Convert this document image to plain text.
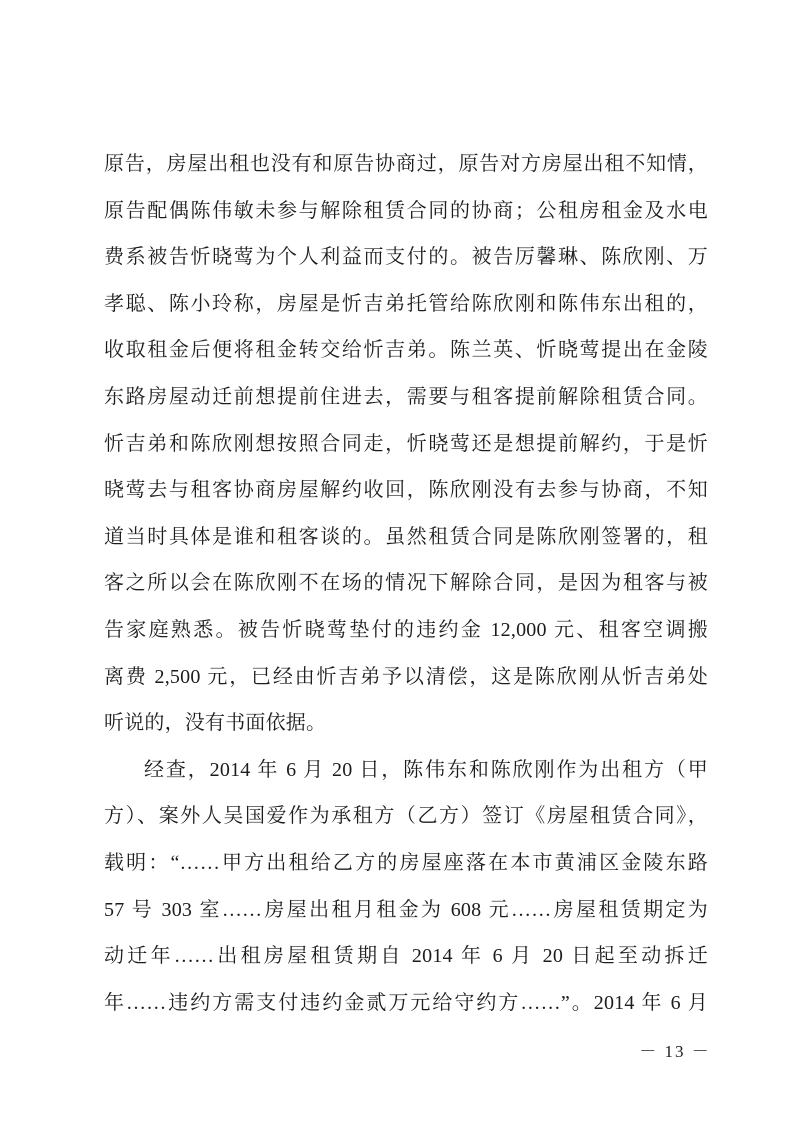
原告，房屋出租也没有和原告协商过，原告对方房屋出租不知情，
原告配偶陈伟敏未参与解除租赁合同的协商；公租房租金及水电
费系被告忻晓莺为个人利益而支付的。被告厉馨琳、陈欣刚、万
孝聪、陈小玲称，房屋是忻吉弟托管给陈欣刚和陈伟东出租的，
收取租金后便将租金转交给忻吉弟。陈兰英、忻晓莺提出在金陵
东路房屋动迁前想提前住进去，需要与租客提前解除租赁合同。
忻吉弟和陈欣刚想按照合同走，忻晓莺还是想提前解约，于是忻
晓莺去与租客协商房屋解约收回，陈欣刚没有去参与协商，不知
道当时具体是谁和租客谈的。虽然租赁合同是陈欣刚签署的，租
客之所以会在陈欣刚不在场的情况下解除合同，是因为租客与被
告家庭熟悉。被告忻晓莺垫付的违约金 12,000 元、租客空调搬
离费 2,500 元，已经由忻吉弟予以清偿，这是陈欣刚从忻吉弟处
听说的，没有书面依据。
经查，2014 年 6 月 20 日，陈伟东和陈欣刚作为出租方（甲
方）、案外人吴国爱作为承租方（乙方）签订《房屋租赁合同》，
载明：“……甲方出租给乙方的房屋座落在本市黄浦区金陵东路
57 号 303 室……房屋出租月租金为 608 元……房屋租赁期定为
动迁年……出租房屋租赁期自 2014 年 6 月 20 日起至动拆迁
年……违约方需支付违约金贰万元给守约方……”。2014 年 6 月
－ 13 －
